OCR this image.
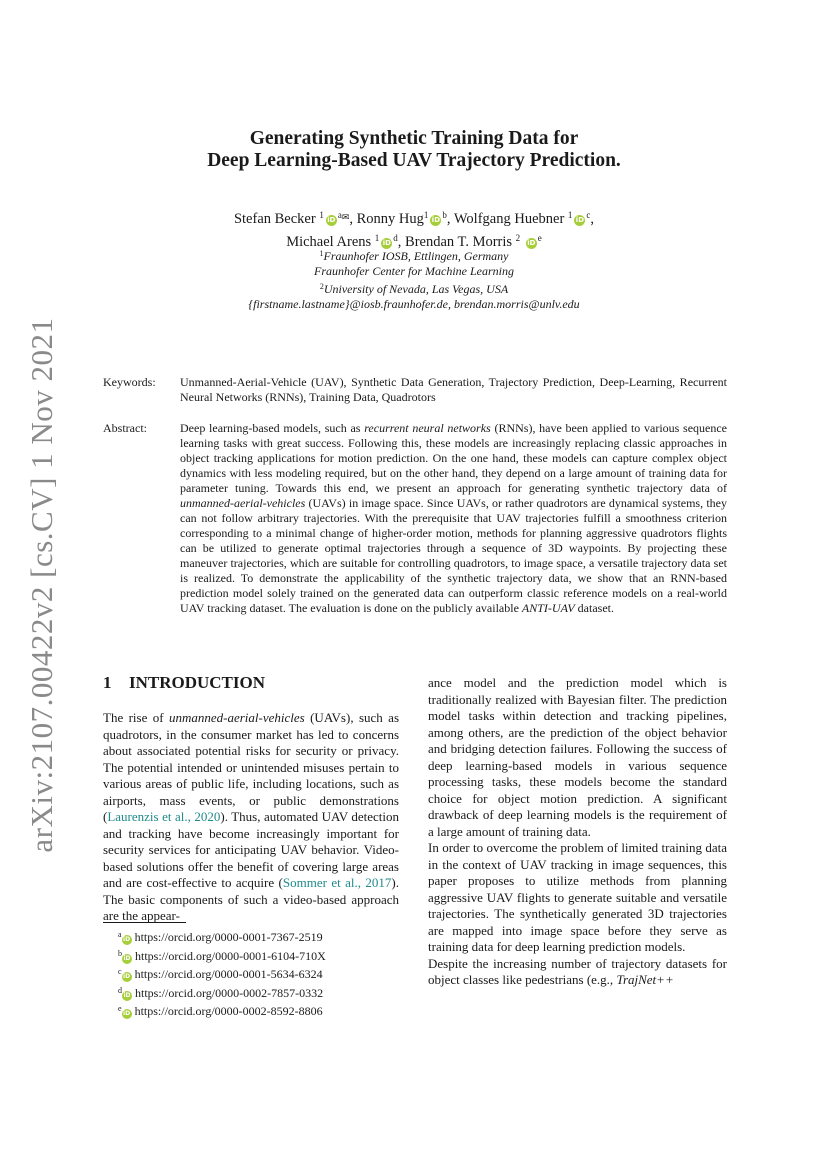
arXiv:2107.00422v2 [cs.CV] 1 Nov 2021
Generating Synthetic Training Data for
Deep Learning-Based UAV Trajectory Prediction.
Stefan Becker $^1$ iD $^{a✉}$, Ronny Hug$^1$ iD $^b$, Wolfgang Huebner $^1$ iD $^c$,
Michael Arens $^1$ iD $^d$, Brendan T. Morris $^2$ iD $^e$
$^1$Fraunhofer IOSB, Ettlingen, Germany
Fraunhofer Center for Machine Learning
$^2$University of Nevada, Las Vegas, USA
{firstname.lastname}@iosb.fraunhofer.de, brendan.morris@unlv.edu
Keywords:	Unmanned-Aerial-Vehicle (UAV), Synthetic Data Generation, Trajectory Prediction, Deep-Learning, Recurrent Neural Networks (RNNs), Training Data, Quadrotors
Abstract:	Deep learning-based models, such as recurrent neural networks (RNNs), have been applied to various sequence learning tasks with great success. Following this, these models are increasingly replacing classic approaches in object tracking applications for motion prediction. On the one hand, these models can capture complex object dynamics with less modeling required, but on the other hand, they depend on a large amount of training data for parameter tuning. Towards this end, we present an approach for generating synthetic trajectory data of unmanned-aerial-vehicles (UAVs) in image space. Since UAVs, or rather quadrotors are dynamical systems, they can not follow arbitrary trajectories. With the prerequisite that UAV trajectories fulfill a smoothness criterion corresponding to a minimal change of higher-order motion, methods for planning aggressive quadrotors flights can be utilized to generate optimal trajectories through a sequence of 3D waypoints. By projecting these maneuver trajectories, which are suitable for controlling quadrotors, to image space, a versatile trajectory data set is realized. To demonstrate the applicability of the synthetic trajectory data, we show that an RNN-based prediction model solely trained on the generated data can outperform classic reference models on a real-world UAV tracking dataset. The evaluation is done on the publicly available ANTI-UAV dataset.
1 INTRODUCTION

The rise of unmanned-aerial-vehicles (UAVs), such as quadrotors, in the consumer market has led to concerns about associated potential risks for security or privacy. The potential intended or unintended misuses pertain to various areas of public life, including locations, such as airports, mass events, or public demonstrations (Laurenzis et al., 2020). Thus, automated UAV detection and tracking have become increasingly important for security services for anticipating UAV behavior. Video-based solutions offer the benefit of covering large areas and are cost-effective to acquire (Sommer et al., 2017). The basic components of such a video-based approach are the appear-

ance model and the prediction model which is traditionally realized with Bayesian filter. The prediction model tasks within detection and tracking pipelines, among others, are the prediction of the object behavior and bridging detection failures. Following the success of deep learning-based models in various sequence processing tasks, these models become the standard choice for object motion prediction. A significant drawback of deep learning models is the requirement of a large amount of training data.

In order to overcome the problem of limited training data in the context of UAV tracking in image sequences, this paper proposes to utilize methods from planning aggressive UAV flights to generate suitable and versatile trajectories. The synthetically generated 3D trajectories are mapped into image space before they serve as training data for deep learning prediction models.

Despite the increasing number of trajectory datasets for object classes like pedestrians (e.g., TrajNet++

$^a$iD https://orcid.org/0000-0001-7367-2519
$^b$iD https://orcid.org/0000-0001-6104-710X
$^c$iD https://orcid.org/0000-0001-5634-6324
$^d$iD https://orcid.org/0000-0002-7857-0332
$^e$iD https://orcid.org/0000-0002-8592-8806
